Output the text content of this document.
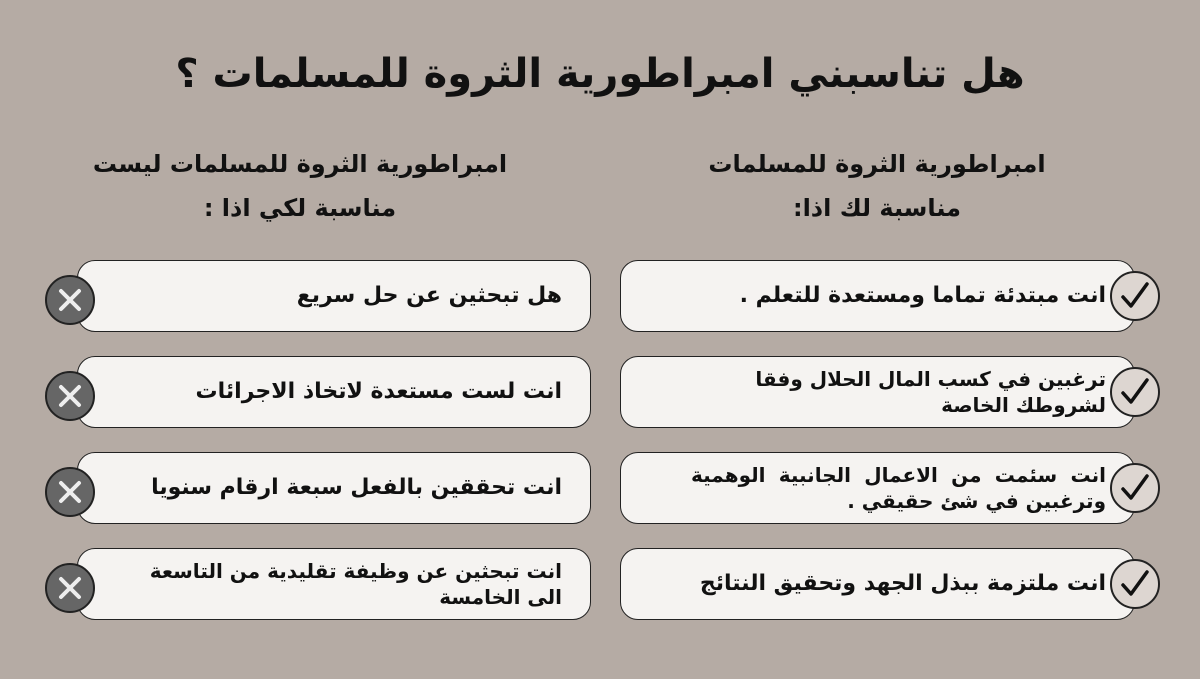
هل تناسبني امبراطورية الثروة للمسلمات ؟
امبراطورية الثروة للمسلمات
مناسبة لك اذا:
امبراطورية الثروة للمسلمات ليست
مناسبة لكي اذا :
انت مبتدئة تماما ومستعدة للتعلم .
ترغبين في كسب المال الحلال وفقا لشروطك الخاصة
انت سئمت من الاعمال الجانبية الوهمية وترغبين في شئ حقيقي .
انت ملتزمة ببذل الجهد وتحقيق النتائج
هل تبحثين عن حل سريع
انت لست مستعدة لاتخاذ الاجرائات
انت تحققين بالفعل سبعة ارقام سنويا
انت تبحثين عن وظيفة تقليدية من التاسعة الى الخامسة
